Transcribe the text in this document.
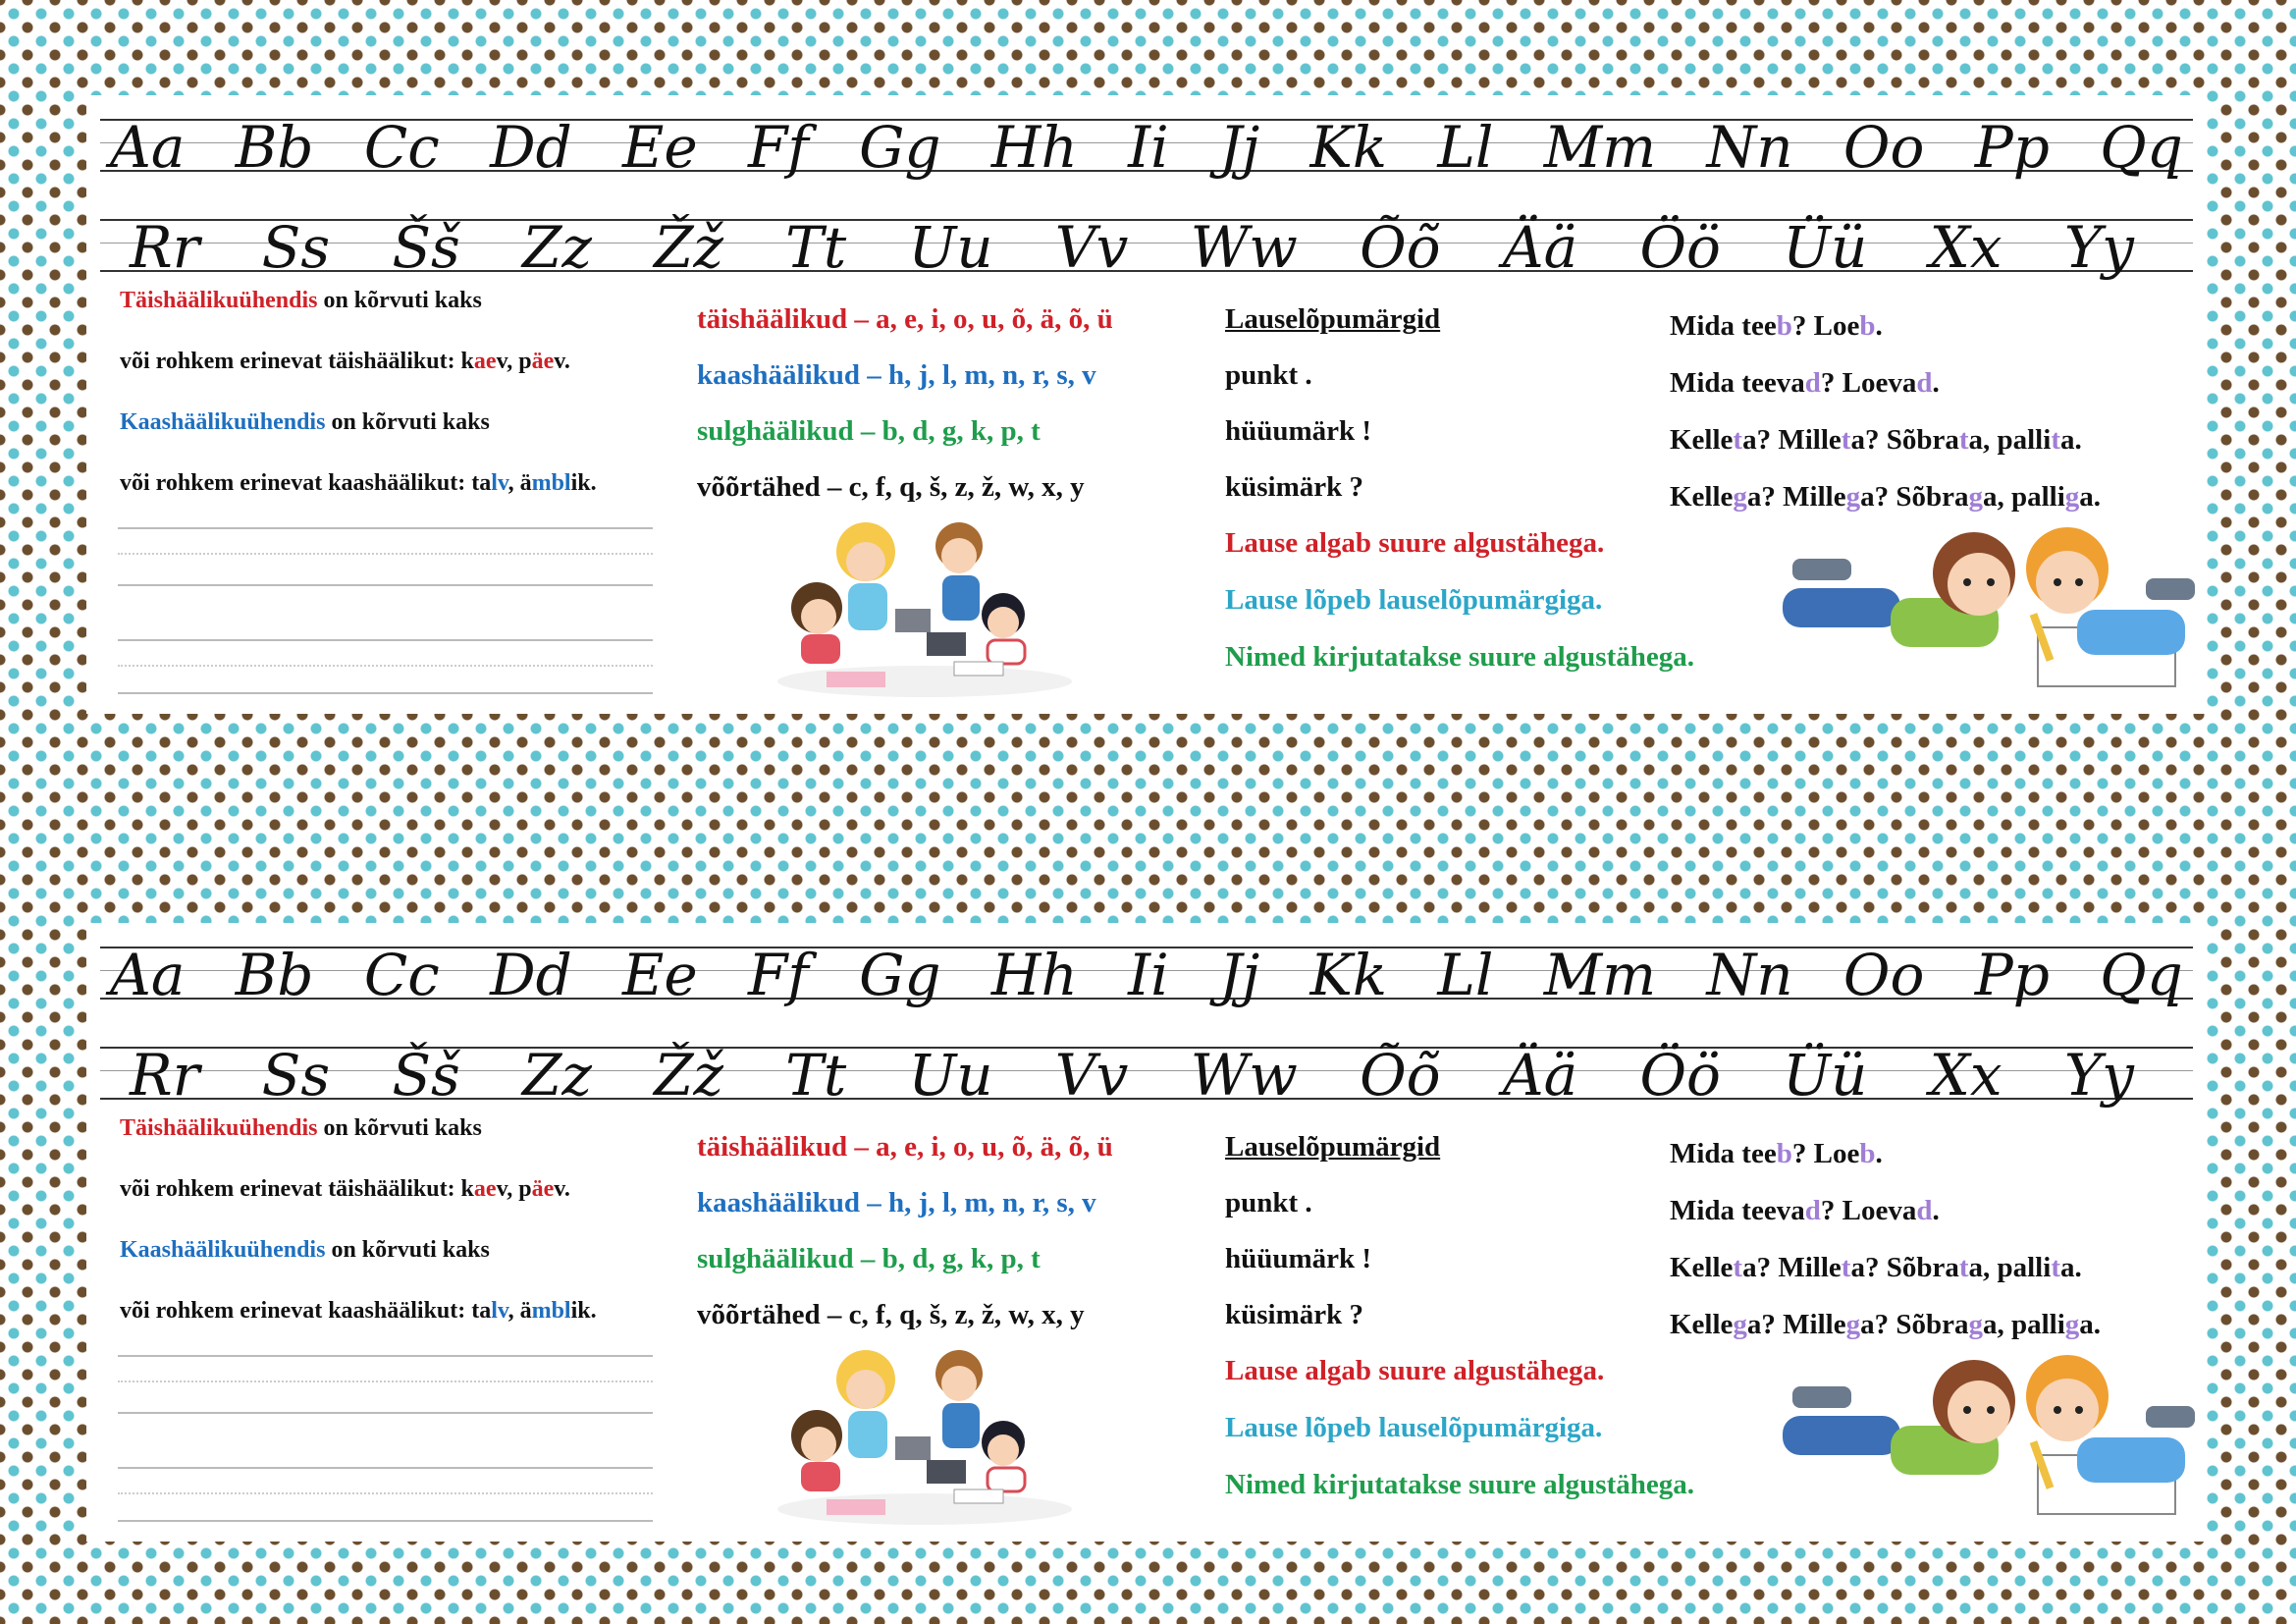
Aa Bb Cc Dd Ee Ff Gg Hh Ii Jj Kk Ll Mm Nn Oo Pp Qq
Rr Ss Šš Zz Žž Tt Uu Vv Ww Õõ Ää Öö Üü Xx Yy

Täishäälikuühendis on kõrvuti kaks

või rohkem erinevat täishäälikut: kaev, päev.

Kaashäälikuühendis on kõrvuti kaks

või rohkem erinevat kaashäälikut: talv, ämblik.

täishäälikud – a, e, i, o, u, õ, ä, õ, ü

kaashäälikud – h, j, l, m, n, r, s, v

sulghäälikud – b, d, g, k, p, t

võõrtähed – c, f, q, š, z, ž, w, x, y

Lauselõpumärgid

punkt .

hüüumärk !

küsimärk ?

Lause algab suure algustähega.

Lause lõpeb lauselõpumärgiga.

Nimed kirjutatakse suure algustähega.

Mida teeb? Loeb.

Mida teevad? Loevad.

Kelleta? Milleta? Sõbrata, pallita.

Kellega? Millega? Sõbraga, palliga.

Aa Bb Cc Dd Ee Ff Gg Hh Ii Jj Kk Ll Mm Nn Oo Pp Qq
Rr Ss Šš Zz Žž Tt Uu Vv Ww Õõ Ää Öö Üü Xx Yy

Täishäälikuühendis on kõrvuti kaks

või rohkem erinevat täishäälikut: kaev, päev.

Kaashäälikuühendis on kõrvuti kaks

või rohkem erinevat kaashäälikut: talv, ämblik.

täishäälikud – a, e, i, o, u, õ, ä, õ, ü

kaashäälikud – h, j, l, m, n, r, s, v

sulghäälikud – b, d, g, k, p, t

võõrtähed – c, f, q, š, z, ž, w, x, y

Lauselõpumärgid

punkt .

hüüumärk !

küsimärk ?

Lause algab suure algustähega.

Lause lõpeb lauselõpumärgiga.

Nimed kirjutatakse suure algustähega.

Mida teeb? Loeb.

Mida teevad? Loevad.

Kelleta? Milleta? Sõbrata, pallita.

Kellega? Millega? Sõbraga, palliga.
